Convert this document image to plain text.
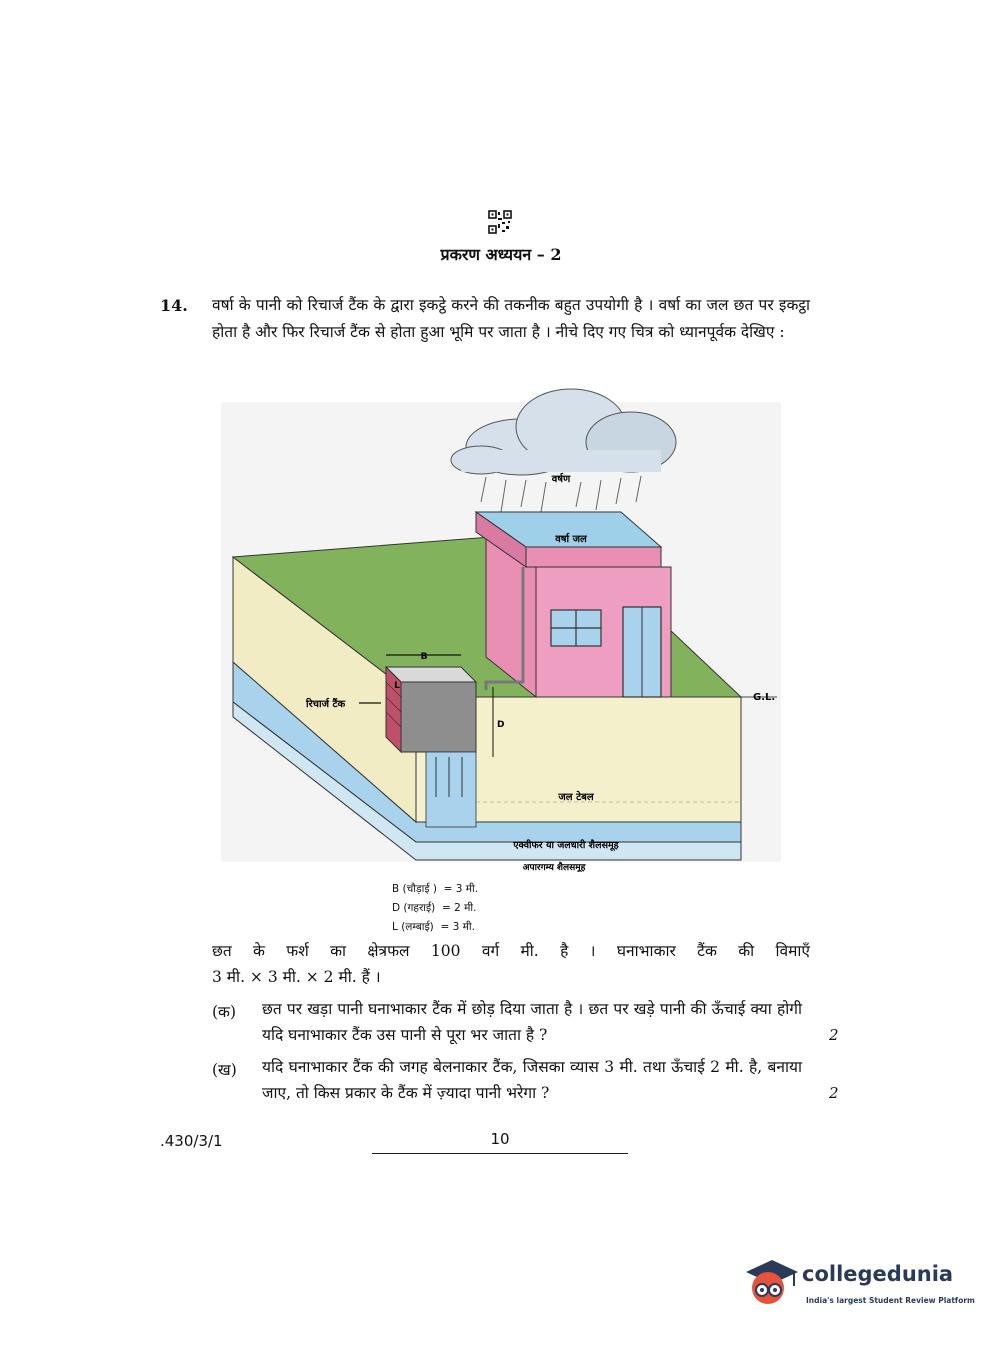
प्रकरण अध्ययन – 2
14. वर्षा के पानी को रिचार्ज टैंक के द्वारा इकट्ठे करने की तकनीक बहुत उपयोगी है । वर्षा का जल छत पर इकट्ठा होता है और फिर रिचार्ज टैंक से होता हुआ भूमि पर जाता है । नीचे दिए गए चित्र को ध्यानपूर्वक देखिए :
वर्षण
वर्षा जल
B
L
D
रिचार्ज टैंक
G.L.
जल टेबल
एक्वीफर या जलधारी शैलसमूह
अपारगम्य शैलसमूह
B (चौड़ाई )  = 3 मी.
D (गहराई)  = 2 मी.
L (लम्बाई)  = 3 मी.
छत के फर्श का क्षेत्रफल 100 वर्ग मी. है । घनाभाकार टैंक की विमाएँ
3 मी. × 3 मी. × 2 मी. हैं ।
(क) छत पर खड़ा पानी घनाभाकार टैंक में छोड़ दिया जाता है । छत पर खड़े पानी की ऊँचाई क्या होगी यदि घनाभाकार टैंक उस पानी से पूरा भर जाता है ?	2
(ख) यदि घनाभाकार टैंक की जगह बेलनाकार टैंक, जिसका व्यास 3 मी. तथा ऊँचाई 2 मी. है, बनाया जाए, तो किस प्रकार के टैंक में ज़्यादा पानी भरेगा ?	2
.430/3/1	10
collegedunia
India's largest Student Review Platform
